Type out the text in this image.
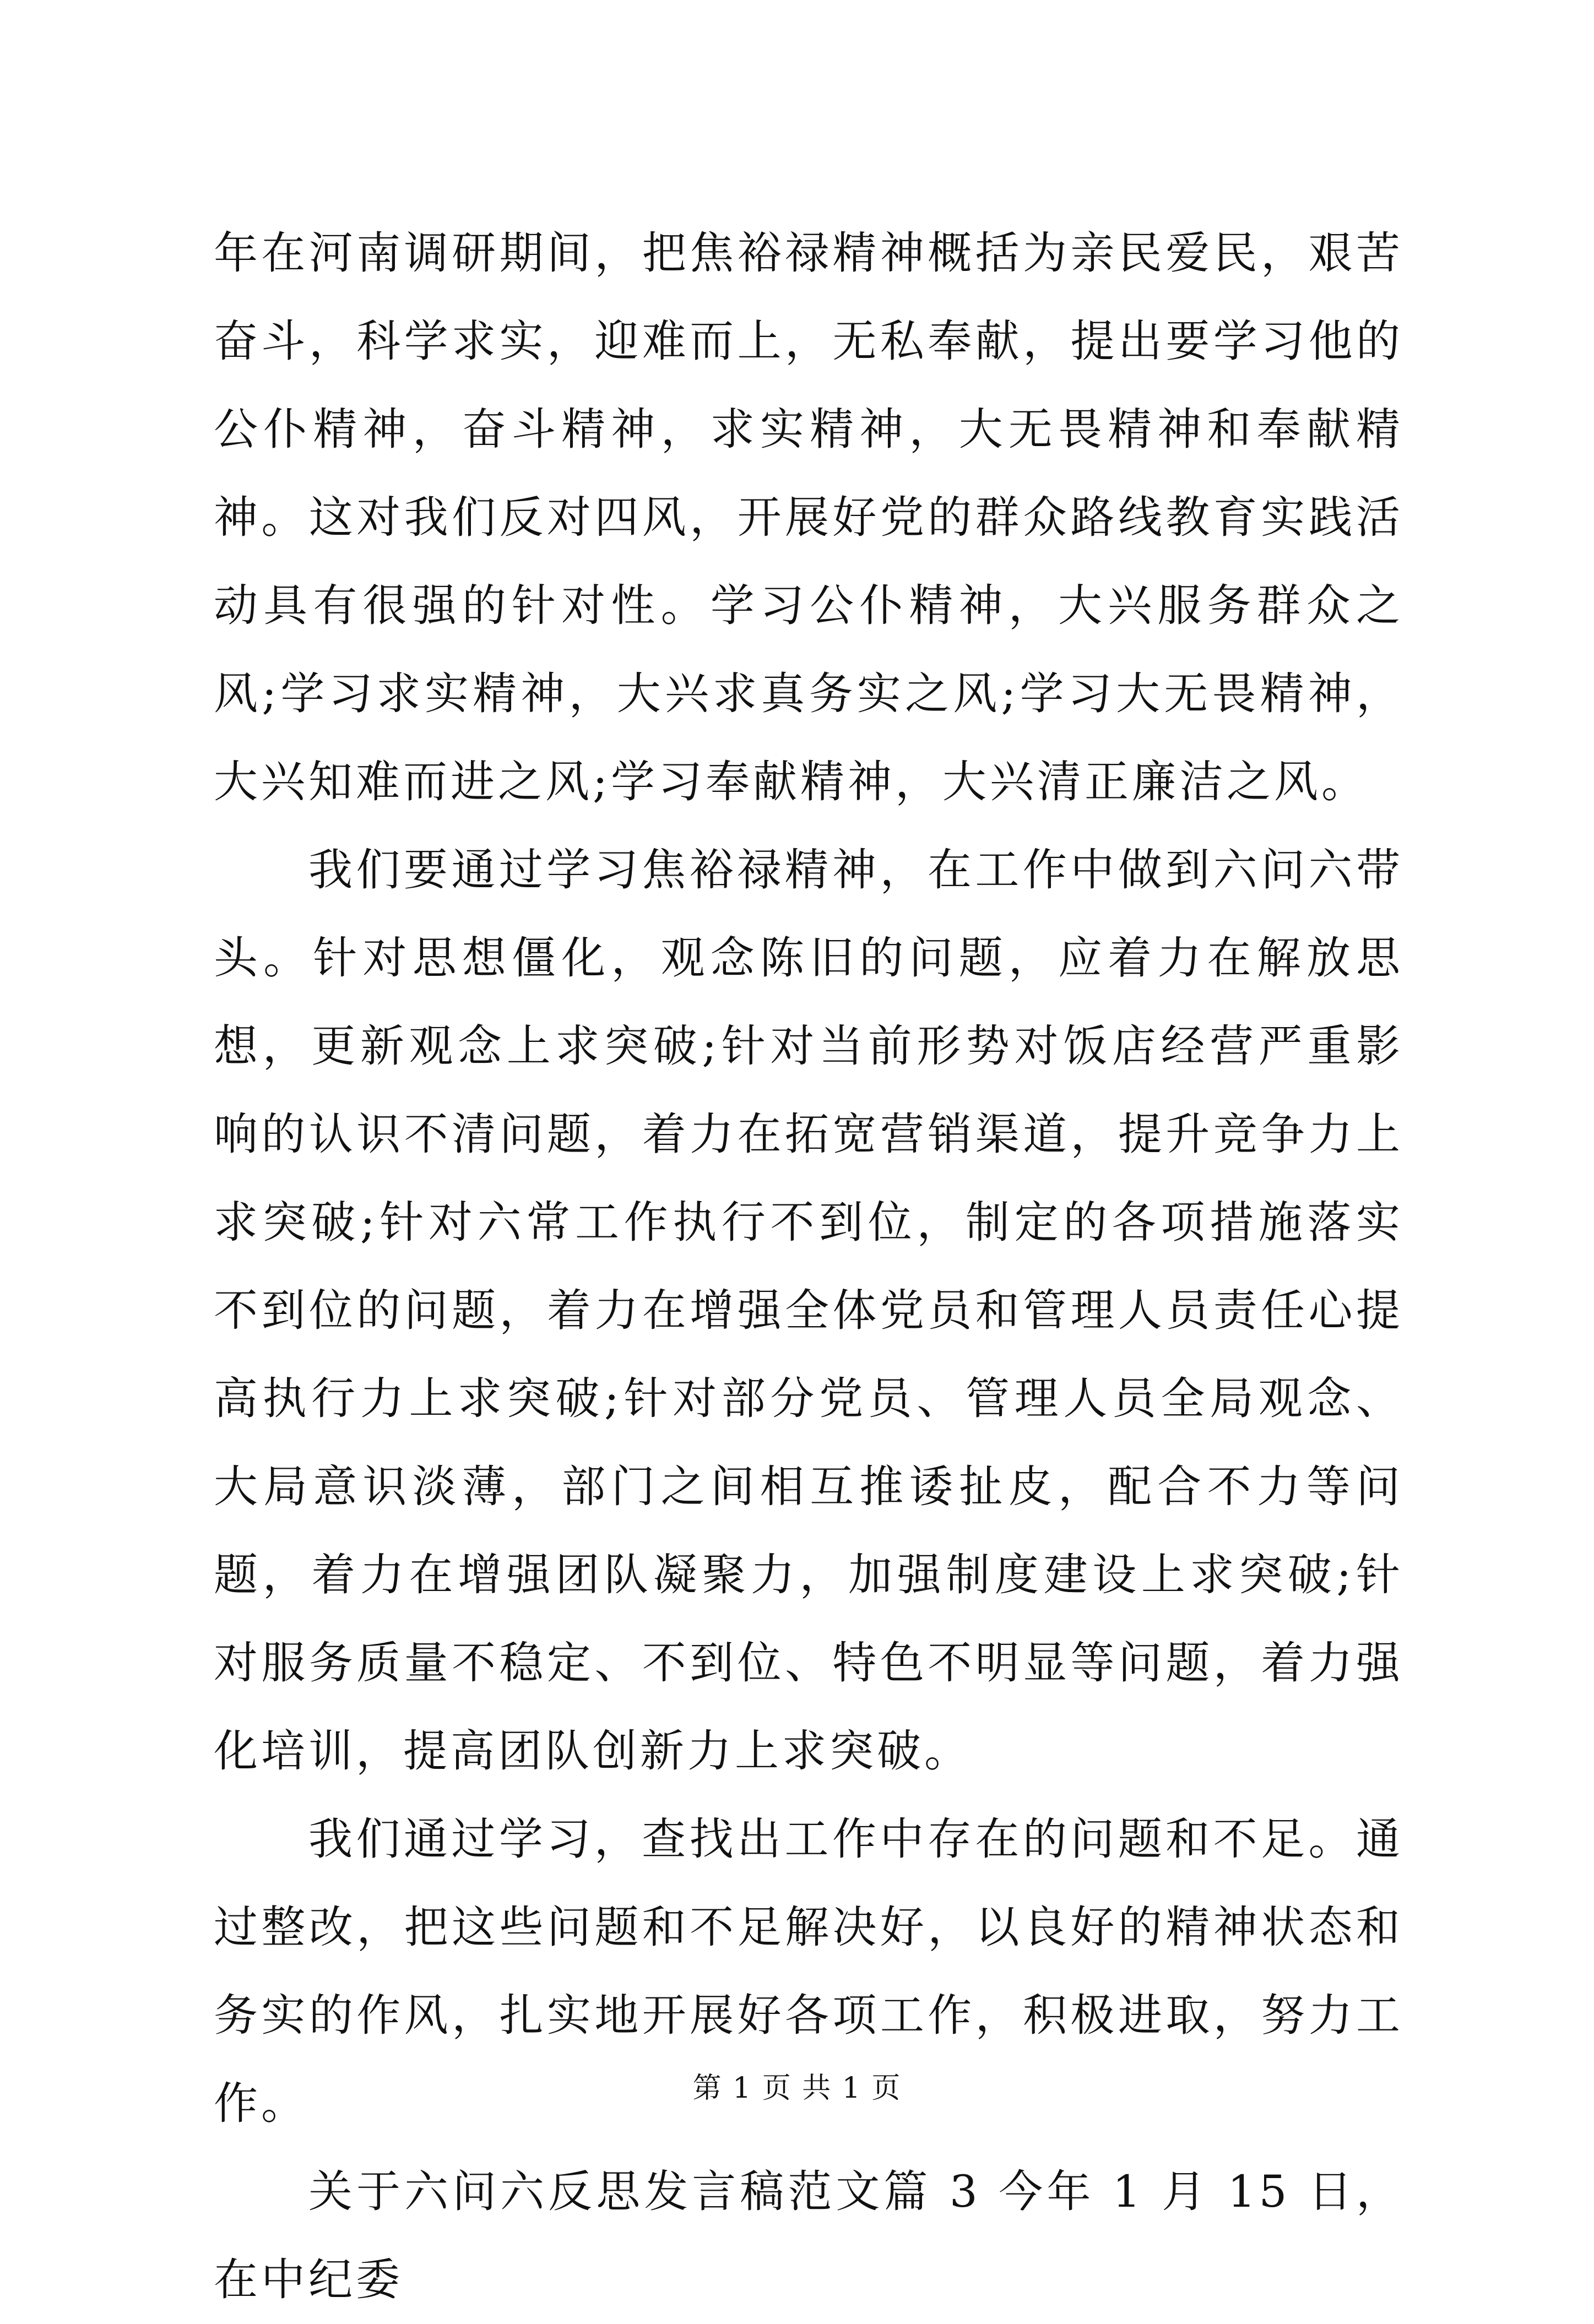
年在河南调研期间，把焦裕禄精神概括为亲民爱民，艰苦奋斗，科学求实，迎难而上，无私奉献，提出要学习他的公仆精神，奋斗精神，求实精神，大无畏精神和奉献精神。这对我们反对四风，开展好党的群众路线教育实践活动具有很强的针对性。学习公仆精神，大兴服务群众之风;学习求实精神，大兴求真务实之风;学习大无畏精神，大兴知难而进之风;学习奉献精神，大兴清正廉洁之风。

我们要通过学习焦裕禄精神，在工作中做到六问六带头。针对思想僵化，观念陈旧的问题，应着力在解放思想，更新观念上求突破;针对当前形势对饭店经营严重影响的认识不清问题，着力在拓宽营销渠道，提升竞争力上求突破;针对六常工作执行不到位，制定的各项措施落实不到位的问题，着力在增强全体党员和管理人员责任心提高执行力上求突破;针对部分党员、管理人员全局观念、大局意识淡薄，部门之间相互推诿扯皮，配合不力等问题，着力在增强团队凝聚力，加强制度建设上求突破;针对服务质量不稳定、不到位、特色不明显等问题，着力强化培训，提高团队创新力上求突破。

我们通过学习，查找出工作中存在的问题和不足。通过整改，把这些问题和不足解决好，以良好的精神状态和务实的作风，扎实地开展好各项工作，积极进取，努力工作。

关于六问六反思发言稿范文篇 3 今年 1 月 15 日，在中纪委

第 1 页 共 1 页
